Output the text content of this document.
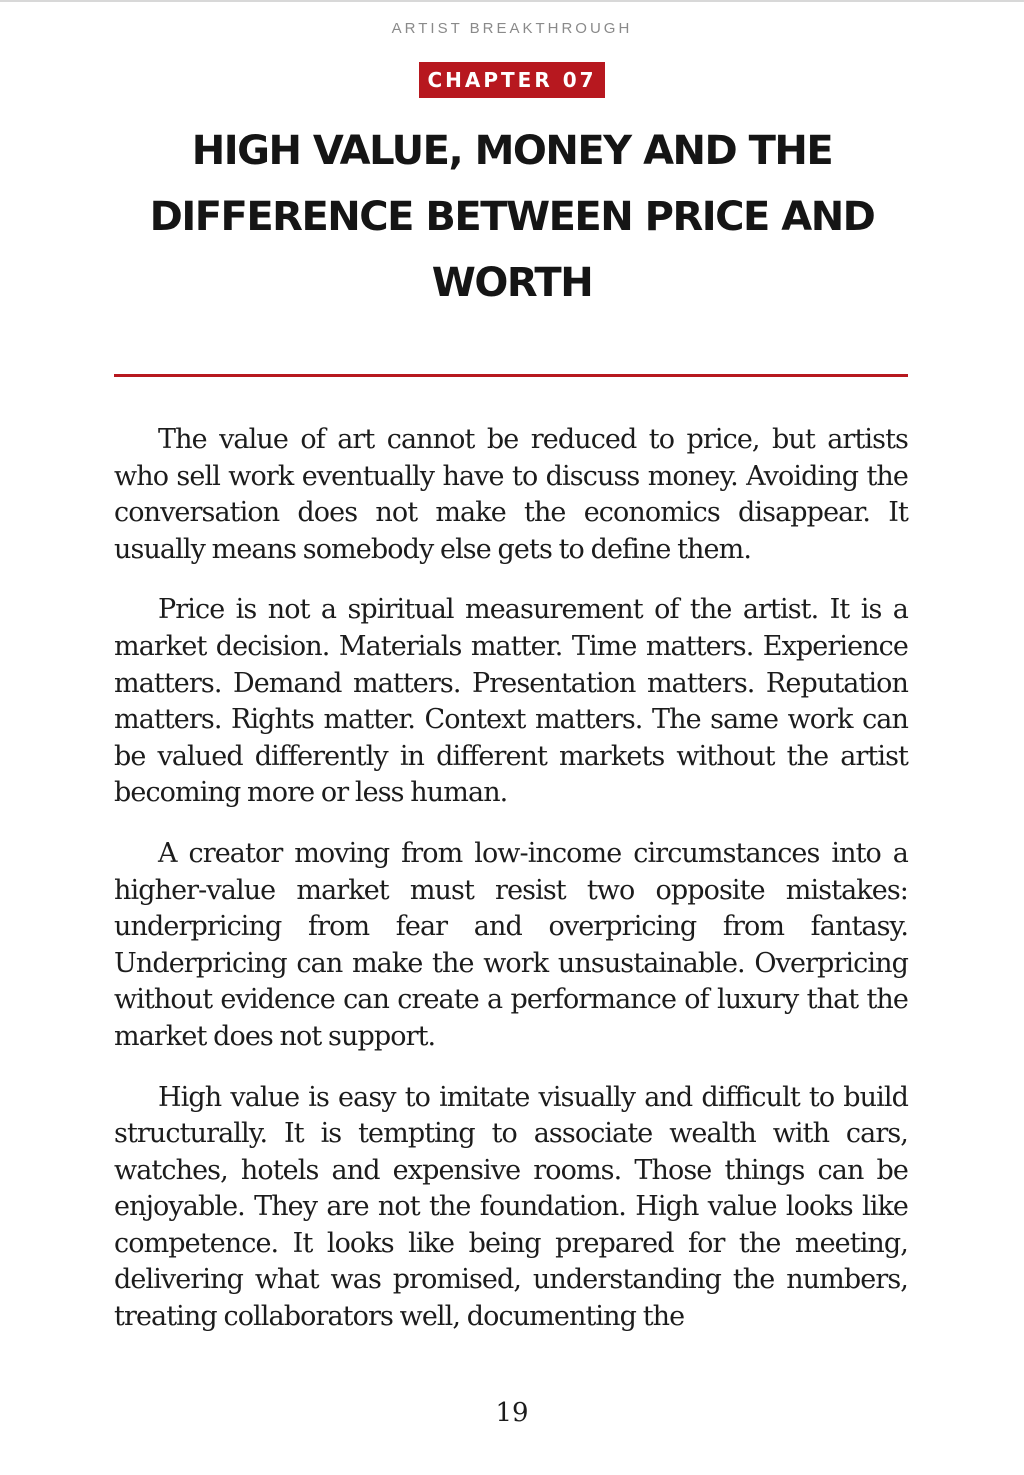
ARTIST BREAKTHROUGH
CHAPTER 07
HIGH VALUE, MONEY AND THE DIFFERENCE BETWEEN PRICE AND WORTH

The value of art cannot be reduced to price, but artists who sell work eventually have to discuss money. Avoiding the conversation does not make the economics disappear. It usually means somebody else gets to define them.

Price is not a spiritual measurement of the artist. It is a market decision. Materials matter. Time matters. Experience matters. Demand matters. Presentation matters. Reputation matters. Rights matter. Context matters. The same work can be valued differently in different markets without the artist becoming more or less human.

A creator moving from low-income circumstances into a higher-value market must resist two opposite mistakes: underpricing from fear and overpricing from fantasy. Underpricing can make the work unsustainable. Overpricing without evidence can create a performance of luxury that the market does not support.

High value is easy to imitate visually and difficult to build structurally. It is tempting to associate wealth with cars, watches, hotels and expensive rooms. Those things can be enjoyable. They are not the foundation. High value looks like competence. It looks like being prepared for the meeting, delivering what was promised, understanding the numbers, treating collaborators well, documenting the

19
